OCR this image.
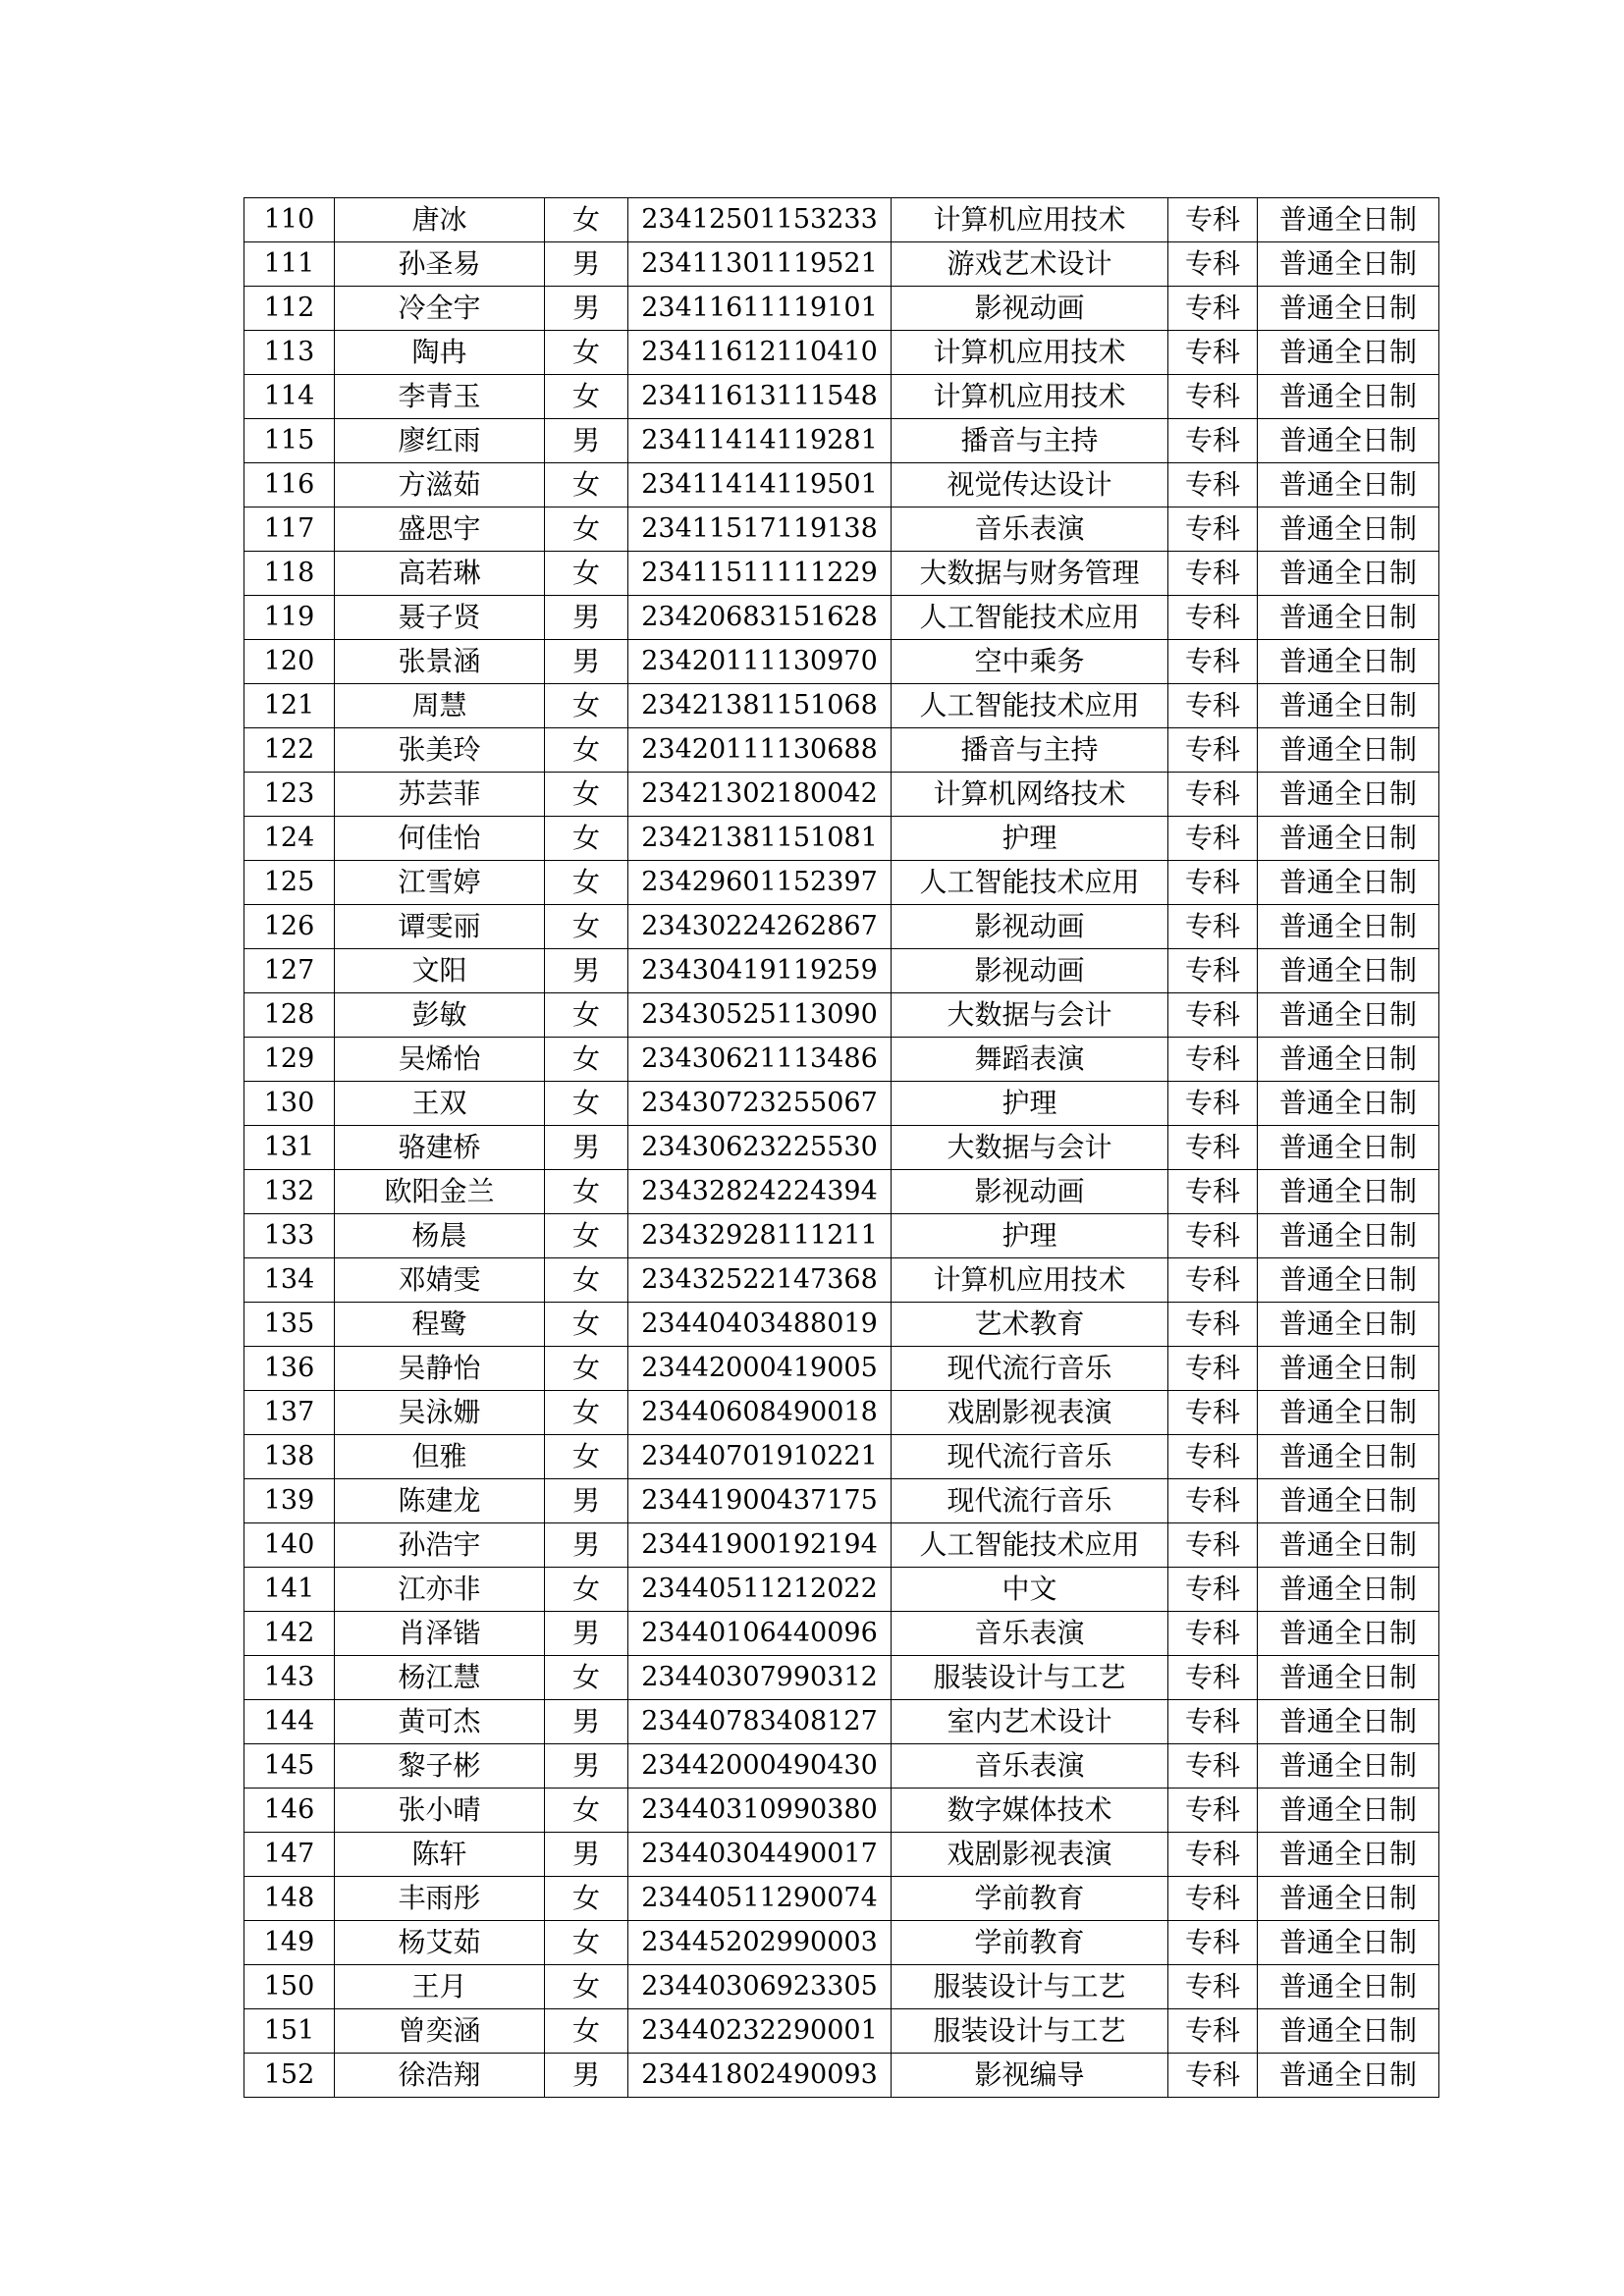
110	唐冰	女	23412501153233	计算机应用技术	专科	普通全日制
111	孙圣易	男	23411301119521	游戏艺术设计	专科	普通全日制
112	冷全宇	男	23411611119101	影视动画	专科	普通全日制
113	陶冉	女	23411612110410	计算机应用技术	专科	普通全日制
114	李青玉	女	23411613111548	计算机应用技术	专科	普通全日制
115	廖红雨	男	23411414119281	播音与主持	专科	普通全日制
116	方滋茹	女	23411414119501	视觉传达设计	专科	普通全日制
117	盛思宇	女	23411517119138	音乐表演	专科	普通全日制
118	高若琳	女	23411511111229	大数据与财务管理	专科	普通全日制
119	聂子贤	男	23420683151628	人工智能技术应用	专科	普通全日制
120	张景涵	男	23420111130970	空中乘务	专科	普通全日制
121	周慧	女	23421381151068	人工智能技术应用	专科	普通全日制
122	张美玲	女	23420111130688	播音与主持	专科	普通全日制
123	苏芸菲	女	23421302180042	计算机网络技术	专科	普通全日制
124	何佳怡	女	23421381151081	护理	专科	普通全日制
125	江雪婷	女	23429601152397	人工智能技术应用	专科	普通全日制
126	谭雯丽	女	23430224262867	影视动画	专科	普通全日制
127	文阳	男	23430419119259	影视动画	专科	普通全日制
128	彭敏	女	23430525113090	大数据与会计	专科	普通全日制
129	吴烯怡	女	23430621113486	舞蹈表演	专科	普通全日制
130	王双	女	23430723255067	护理	专科	普通全日制
131	骆建桥	男	23430623225530	大数据与会计	专科	普通全日制
132	欧阳金兰	女	23432824224394	影视动画	专科	普通全日制
133	杨晨	女	23432928111211	护理	专科	普通全日制
134	邓婧雯	女	23432522147368	计算机应用技术	专科	普通全日制
135	程鹭	女	23440403488019	艺术教育	专科	普通全日制
136	吴静怡	女	23442000419005	现代流行音乐	专科	普通全日制
137	吴泳姗	女	23440608490018	戏剧影视表演	专科	普通全日制
138	但雅	女	23440701910221	现代流行音乐	专科	普通全日制
139	陈建龙	男	23441900437175	现代流行音乐	专科	普通全日制
140	孙浩宇	男	23441900192194	人工智能技术应用	专科	普通全日制
141	江亦非	女	23440511212022	中文	专科	普通全日制
142	肖泽锴	男	23440106440096	音乐表演	专科	普通全日制
143	杨江慧	女	23440307990312	服装设计与工艺	专科	普通全日制
144	黄可杰	男	23440783408127	室内艺术设计	专科	普通全日制
145	黎子彬	男	23442000490430	音乐表演	专科	普通全日制
146	张小晴	女	23440310990380	数字媒体技术	专科	普通全日制
147	陈轩	男	23440304490017	戏剧影视表演	专科	普通全日制
148	丰雨彤	女	23440511290074	学前教育	专科	普通全日制
149	杨艾茹	女	23445202990003	学前教育	专科	普通全日制
150	王月	女	23440306923305	服装设计与工艺	专科	普通全日制
151	曾奕涵	女	23440232290001	服装设计与工艺	专科	普通全日制
152	徐浩翔	男	23441802490093	影视编导	专科	普通全日制
